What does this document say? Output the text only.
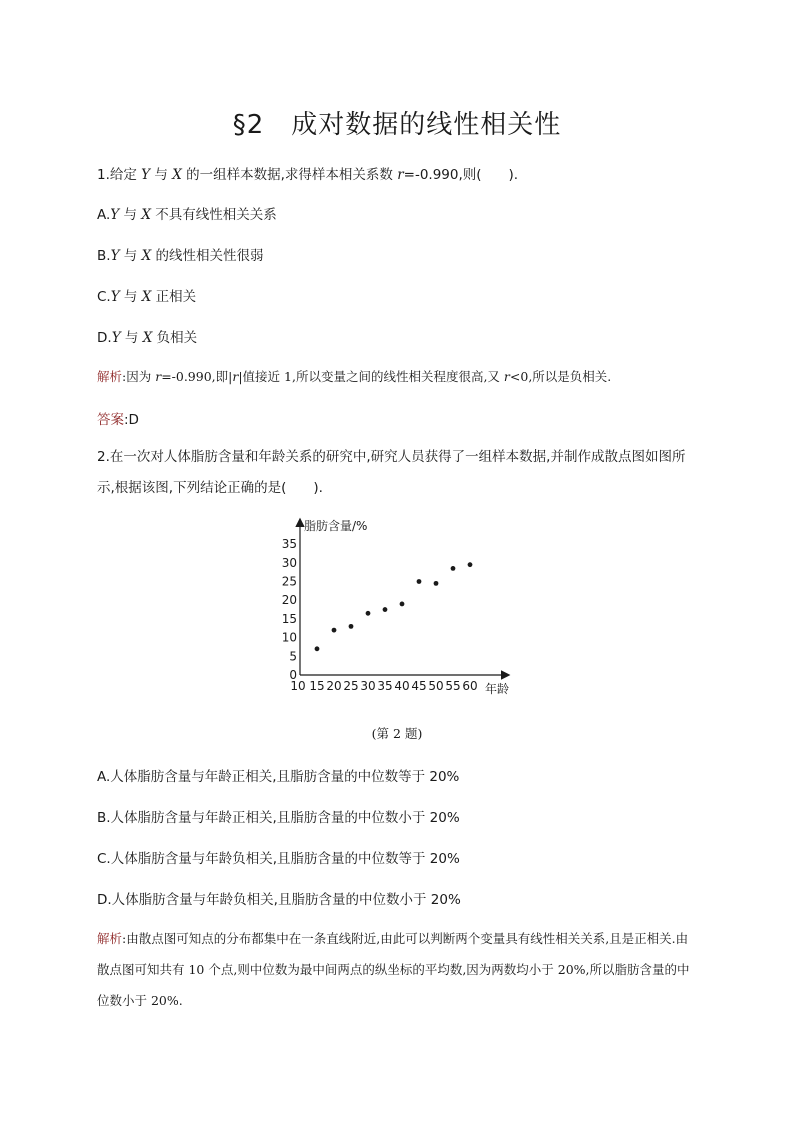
§2　成对数据的线性相关性
1.给定 Y 与 X 的一组样本数据,求得样本相关系数 r=-0.990,则(　　).
A.Y 与 X 不具有线性相关关系
B.Y 与 X 的线性相关性很弱
C.Y 与 X 正相关
D.Y 与 X 负相关
解析:因为 r=-0.990,即|r|值接近 1,所以变量之间的线性相关程度很高,又 r<0,所以是负相关.
答案:D
2.在一次对人体脂肪含量和年龄关系的研究中,研究人员获得了一组样本数据,并制作成散点图如图所示,根据该图,下列结论正确的是(　　).
0
5
10
15
20
25
30
35
10 15 20 25 30 35 40 45 50 55 60
脂肪含量/%
年龄
(第 2 题)
A.人体脂肪含量与年龄正相关,且脂肪含量的中位数等于 20%
B.人体脂肪含量与年龄正相关,且脂肪含量的中位数小于 20%
C.人体脂肪含量与年龄负相关,且脂肪含量的中位数等于 20%
D.人体脂肪含量与年龄负相关,且脂肪含量的中位数小于 20%
解析:由散点图可知点的分布都集中在一条直线附近,由此可以判断两个变量具有线性相关关系,且是正相关.由散点图可知共有 10 个点,则中位数为最中间两点的纵坐标的平均数,因为两数均小于 20%,所以脂肪含量的中位数小于 20%.
